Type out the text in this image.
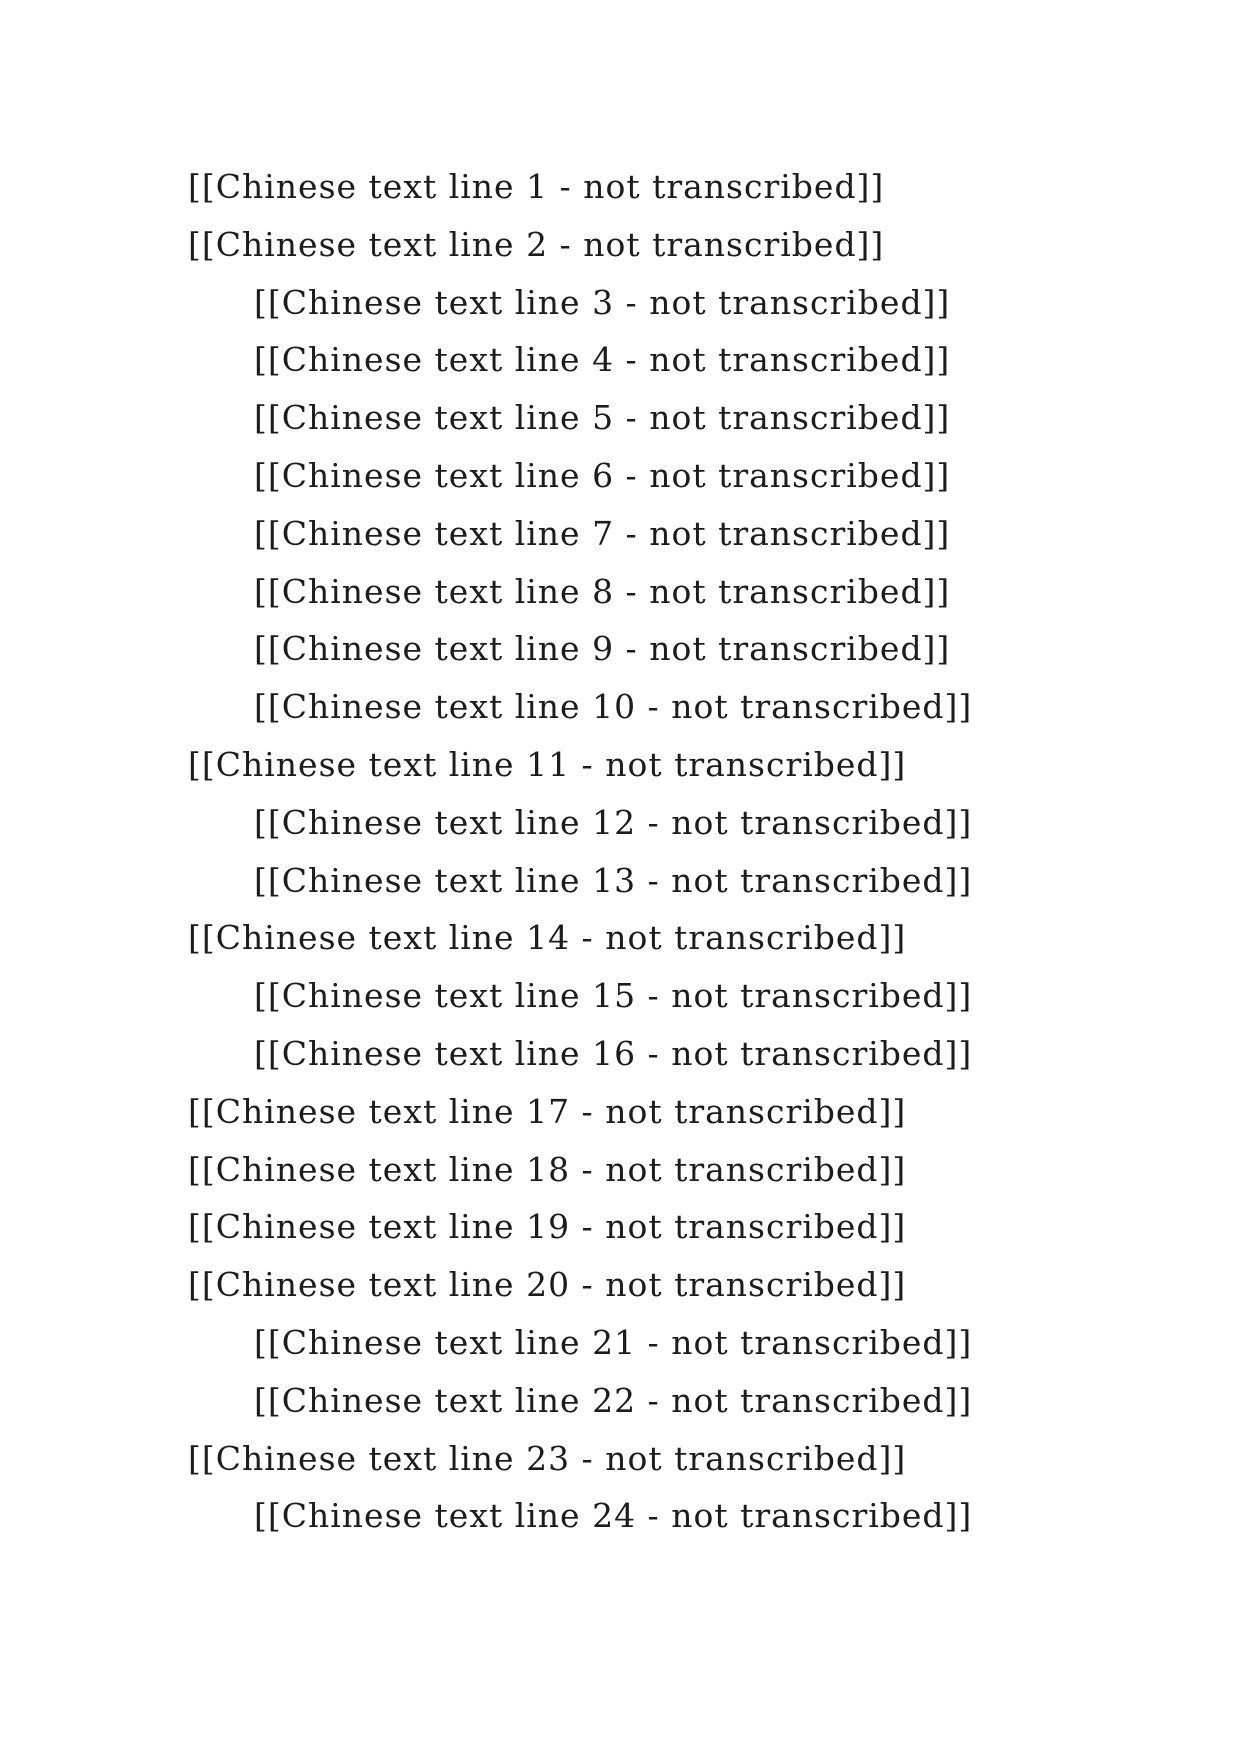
[[Chinese text line 1 - not transcribed]]
[[Chinese text line 2 - not transcribed]]
[[Chinese text line 3 - not transcribed]]
[[Chinese text line 4 - not transcribed]]
[[Chinese text line 5 - not transcribed]]
[[Chinese text line 6 - not transcribed]]
[[Chinese text line 7 - not transcribed]]
[[Chinese text line 8 - not transcribed]]
[[Chinese text line 9 - not transcribed]]
[[Chinese text line 10 - not transcribed]]
[[Chinese text line 11 - not transcribed]]
[[Chinese text line 12 - not transcribed]]
[[Chinese text line 13 - not transcribed]]
[[Chinese text line 14 - not transcribed]]
[[Chinese text line 15 - not transcribed]]
[[Chinese text line 16 - not transcribed]]
[[Chinese text line 17 - not transcribed]]
[[Chinese text line 18 - not transcribed]]
[[Chinese text line 19 - not transcribed]]
[[Chinese text line 20 - not transcribed]]
[[Chinese text line 21 - not transcribed]]
[[Chinese text line 22 - not transcribed]]
[[Chinese text line 23 - not transcribed]]
[[Chinese text line 24 - not transcribed]]
